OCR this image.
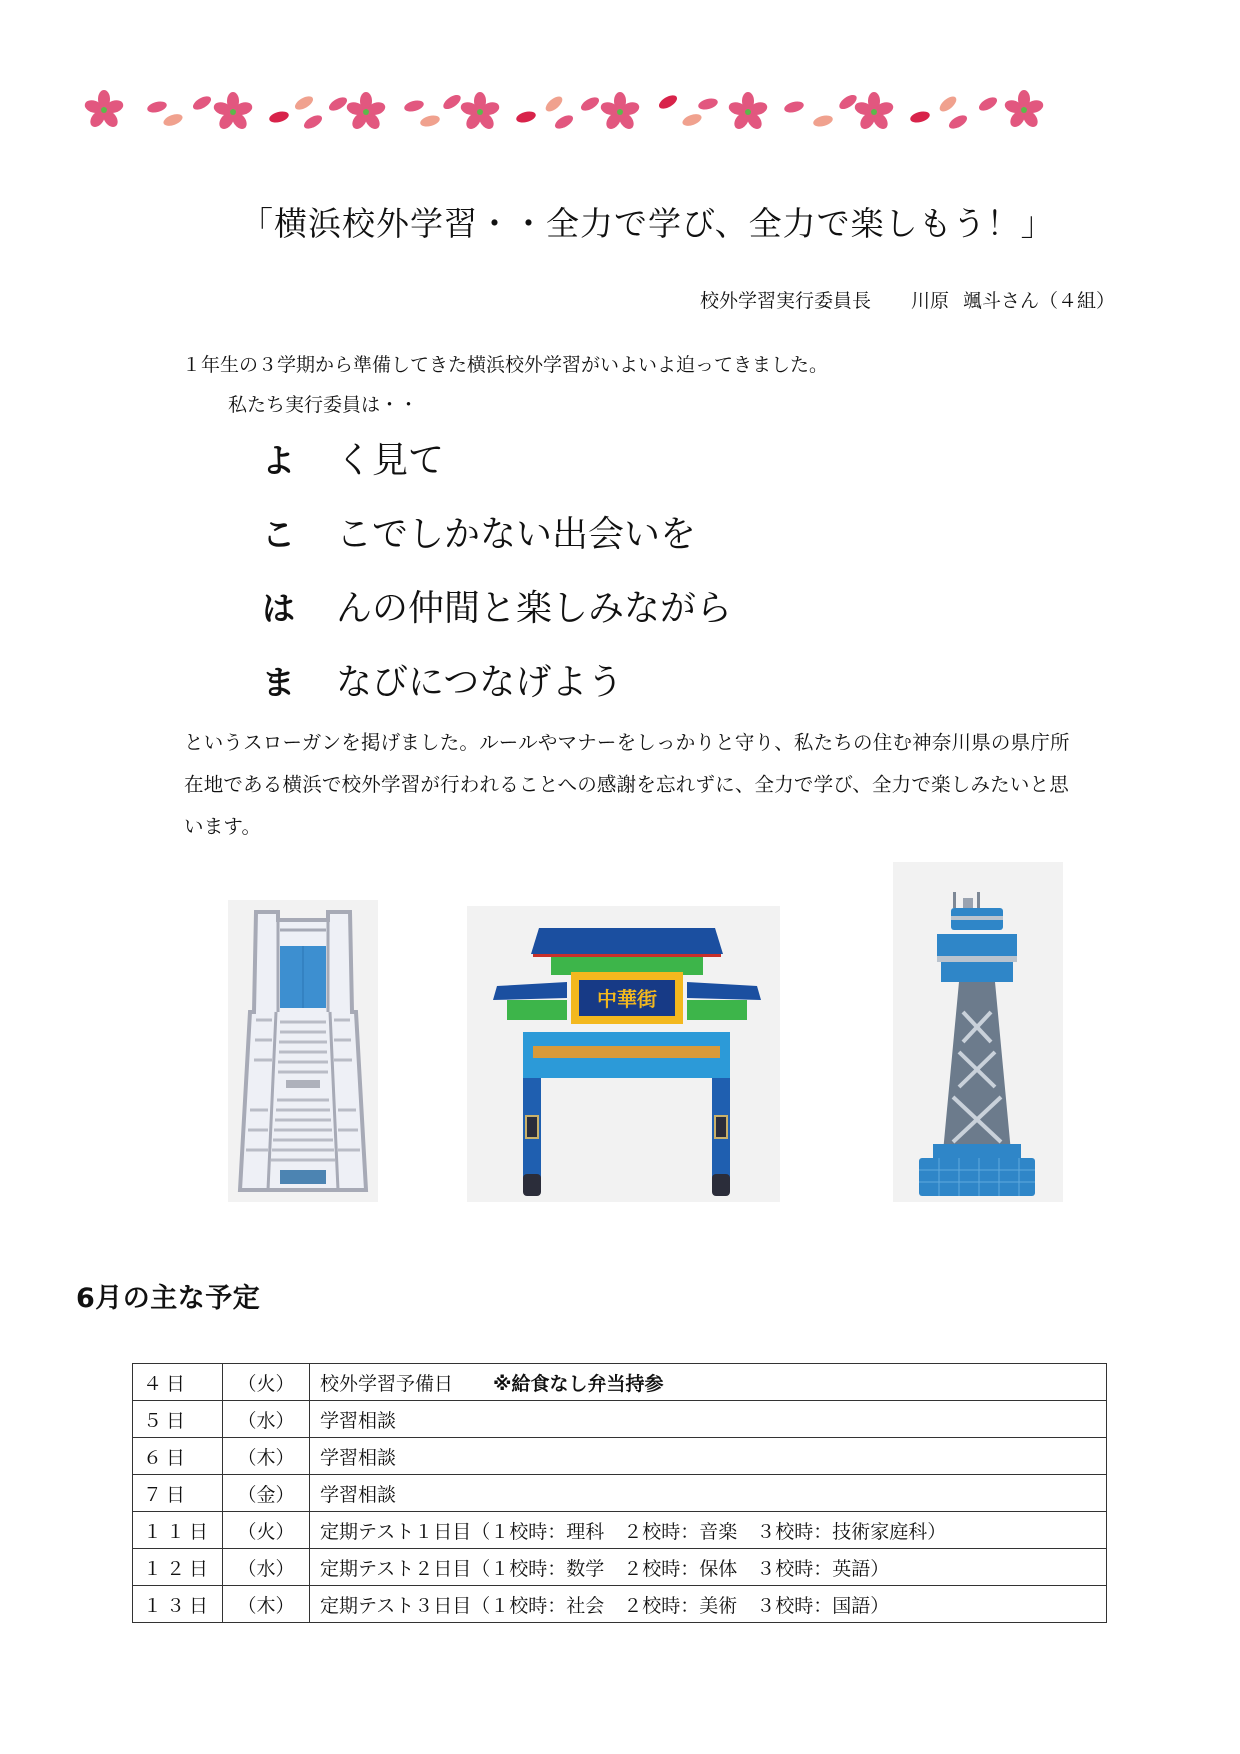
「横浜校外学習・・全力で学び、全力で楽しもう！」
校外学習実行委員長 川原 颯斗さん（４組）
１年生の３学期から準備してきた横浜校外学習がいよいよ迫ってきました。
私たち実行委員は・・
よ く見て
こ こでしかない出会いを
は んの仲間と楽しみながら
ま なびにつなげよう
というスローガンを掲げました。ルールやマナーをしっかりと守り、私たちの住む神奈川県の県庁所
在地である横浜で校外学習が行われることへの感謝を忘れずに、全力で学び、全力で楽しみたいと思
います。
中華街
6月の主な予定
４日	（火）	校外学習予備日 ※給食なし弁当持参
５日	（水）	学習相談
６日	（木）	学習相談
７日	（金）	学習相談
１１日	（火）	定期テスト１日目（１校時：理科　２校時：音楽　３校時：技術家庭科）
１２日	（水）	定期テスト２日目（１校時：数学　２校時：保体　３校時：英語）
１３日	（木）	定期テスト３日目（１校時：社会　２校時：美術　３校時：国語）
